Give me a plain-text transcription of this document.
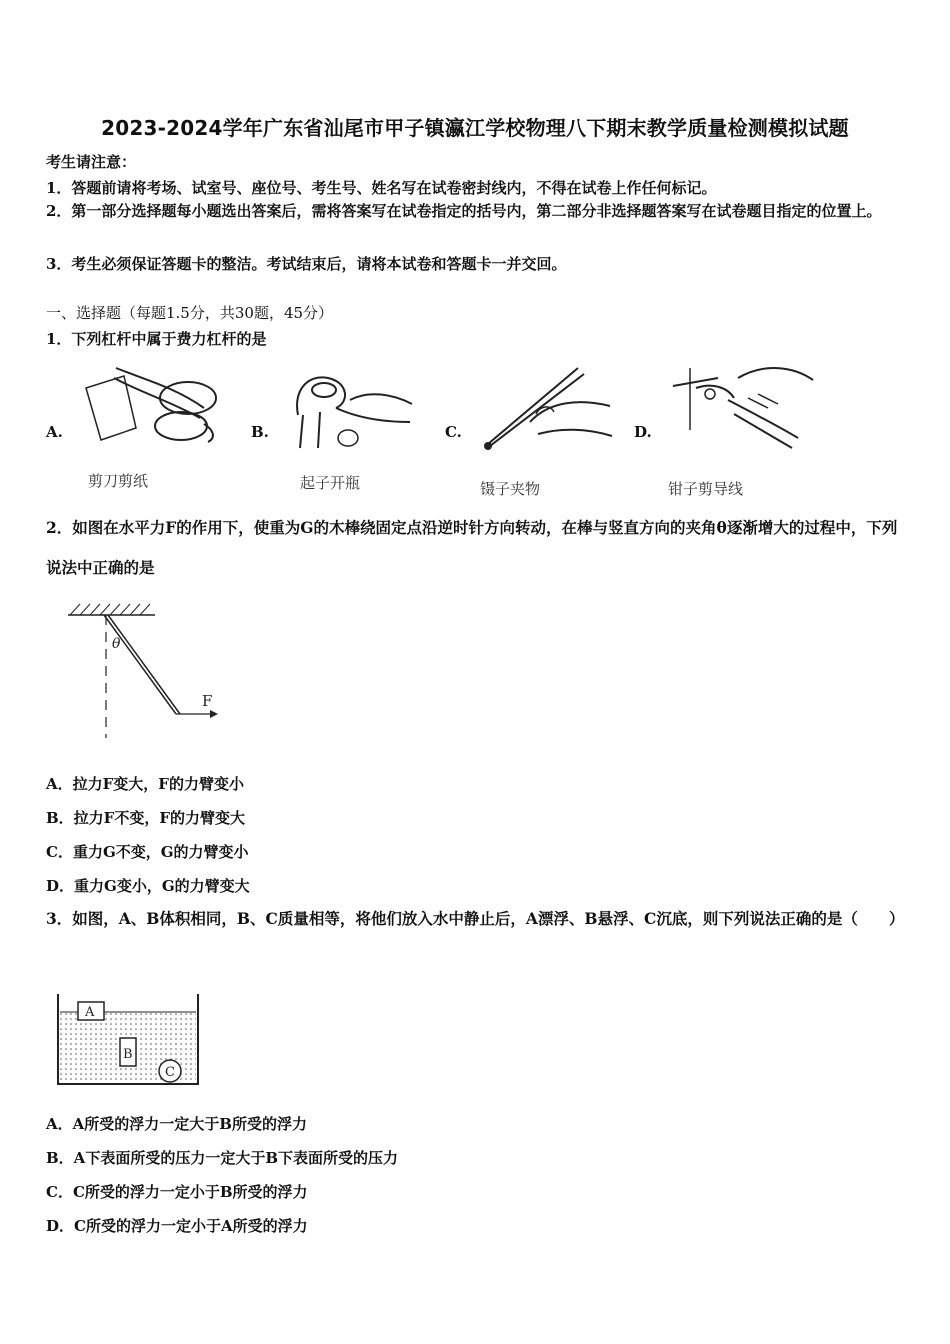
2023-2024学年广东省汕尾市甲子镇瀛江学校物理八下期末教学质量检测模拟试题
考生请注意：
1．答题前请将考场、试室号、座位号、考生号、姓名写在试卷密封线内，不得在试卷上作任何标记。
2．第一部分选择题每小题选出答案后，需将答案写在试卷指定的括号内，第二部分非选择题答案写在试卷题目指定的位置上。
3．考生必须保证答题卡的整洁。考试结束后，请将本试卷和答题卡一并交回。
一、选择题（每题1.5分，共30题，45分）
1．下列杠杆中属于费力杠杆的是
A.
剪刀剪纸
B.
起子开瓶
C.
镊子夹物
D.
钳子剪导线
2．如图在水平力F的作用下，使重为G的木棒绕固定点沿逆时针方向转动，在棒与竖直方向的夹角θ逐渐增大的过程中，下列说法中正确的是
θ
F
A．拉力F变大，F的力臂变小
B．拉力F不变，F的力臂变大
C．重力G不变，G的力臂变小
D．重力G变小，G的力臂变大
3．如图，A、B体积相同，B、C质量相等，将他们放入水中静止后，A漂浮、B悬浮、C沉底，则下列说法正确的是（　　）
A
B
C
A．A所受的浮力一定大于B所受的浮力
B．A下表面所受的压力一定大于B下表面所受的压力
C．C所受的浮力一定小于B所受的浮力
D．C所受的浮力一定小于A所受的浮力
